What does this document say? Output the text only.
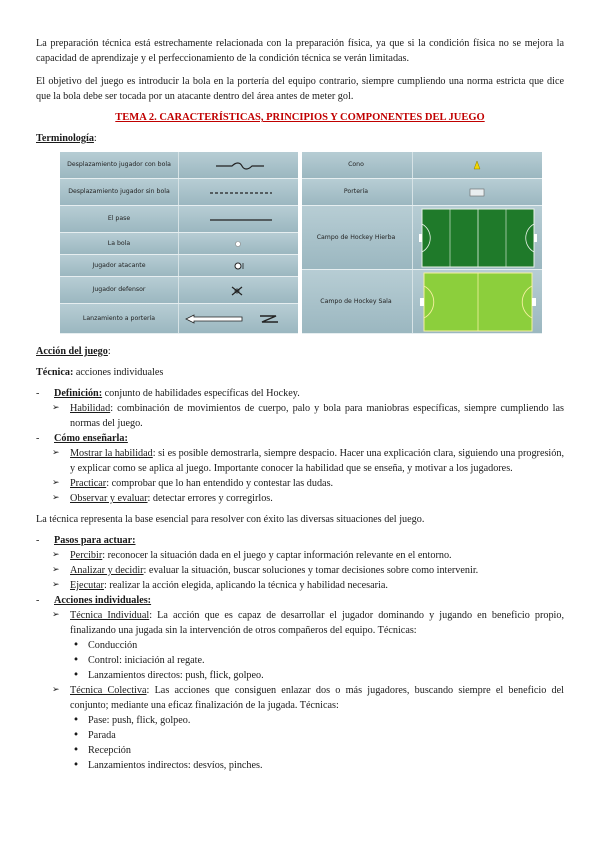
La preparación técnica está estrechamente relacionada con la preparación física, ya que si la condición física no se mejora la capacidad de aprendizaje y el perfeccionamiento de la condición técnica se verán limitadas.

El objetivo del juego es introducir la bola en la portería del equipo contrario, siempre cumpliendo una norma estricta que dice que la bola debe ser tocada por un atacante dentro del área antes de meter gol.

TEMA 2. CARACTERÍSTICAS, PRINCIPIOS Y COMPONENTES DEL JUEGO
Terminología:
Desplazamiento jugador con bola
Desplazamiento jugador sin bola
El pase
La bola
Jugador atacante
Jugador defensor
Lanzamiento a portería
Cono
Portería
Campo de Hockey Hierba
Campo de Hockey Sala
Acción del juego:
Técnica: acciones individuales
- Definición: conjunto de habilidades específicas del Hockey.
➢ Habilidad: combinación de movimientos de cuerpo, palo y bola para maniobras específicas, siempre cumpliendo las normas del juego.
- Cómo enseñarla:
➢ Mostrar la habilidad: si es posible demostrarla, siempre despacio. Hacer una explicación clara, siguiendo una progresión, y explicar como se aplica al juego. Importante conocer la habilidad que se enseña, y motivar a los jugadores.
➢ Practicar: comprobar que lo han entendido y contestar las dudas.
➢ Observar y evaluar: detectar errores y corregirlos.

La técnica representa la base esencial para resolver con éxito las diversas situaciones del juego.

- Pasos para actuar:
➢ Percibir: reconocer la situación dada en el juego y captar información relevante en el entorno.
➢ Analizar y decidir: evaluar la situación, buscar soluciones y tomar decisiones sobre como intervenir.
➢ Ejecutar: realizar la acción elegida, aplicando la técnica y habilidad necesaria.
- Acciones individuales:
➢ Técnica Individual: La acción que es capaz de desarrollar el jugador dominando y jugando en beneficio propio, finalizando una jugada sin la intervención de otros compañeros del equipo. Técnicas:
• Conducción
• Control: iniciación al regate.
• Lanzamientos directos: push, flick, golpeo.
➢ Técnica Colectiva: Las acciones que consiguen enlazar dos o más jugadores, buscando siempre el beneficio del conjunto; mediante una eficaz finalización de la jugada. Técnicas:
• Pase: push, flick, golpeo.
• Parada
• Recepción
• Lanzamientos indirectos: desvíos, pinches.
